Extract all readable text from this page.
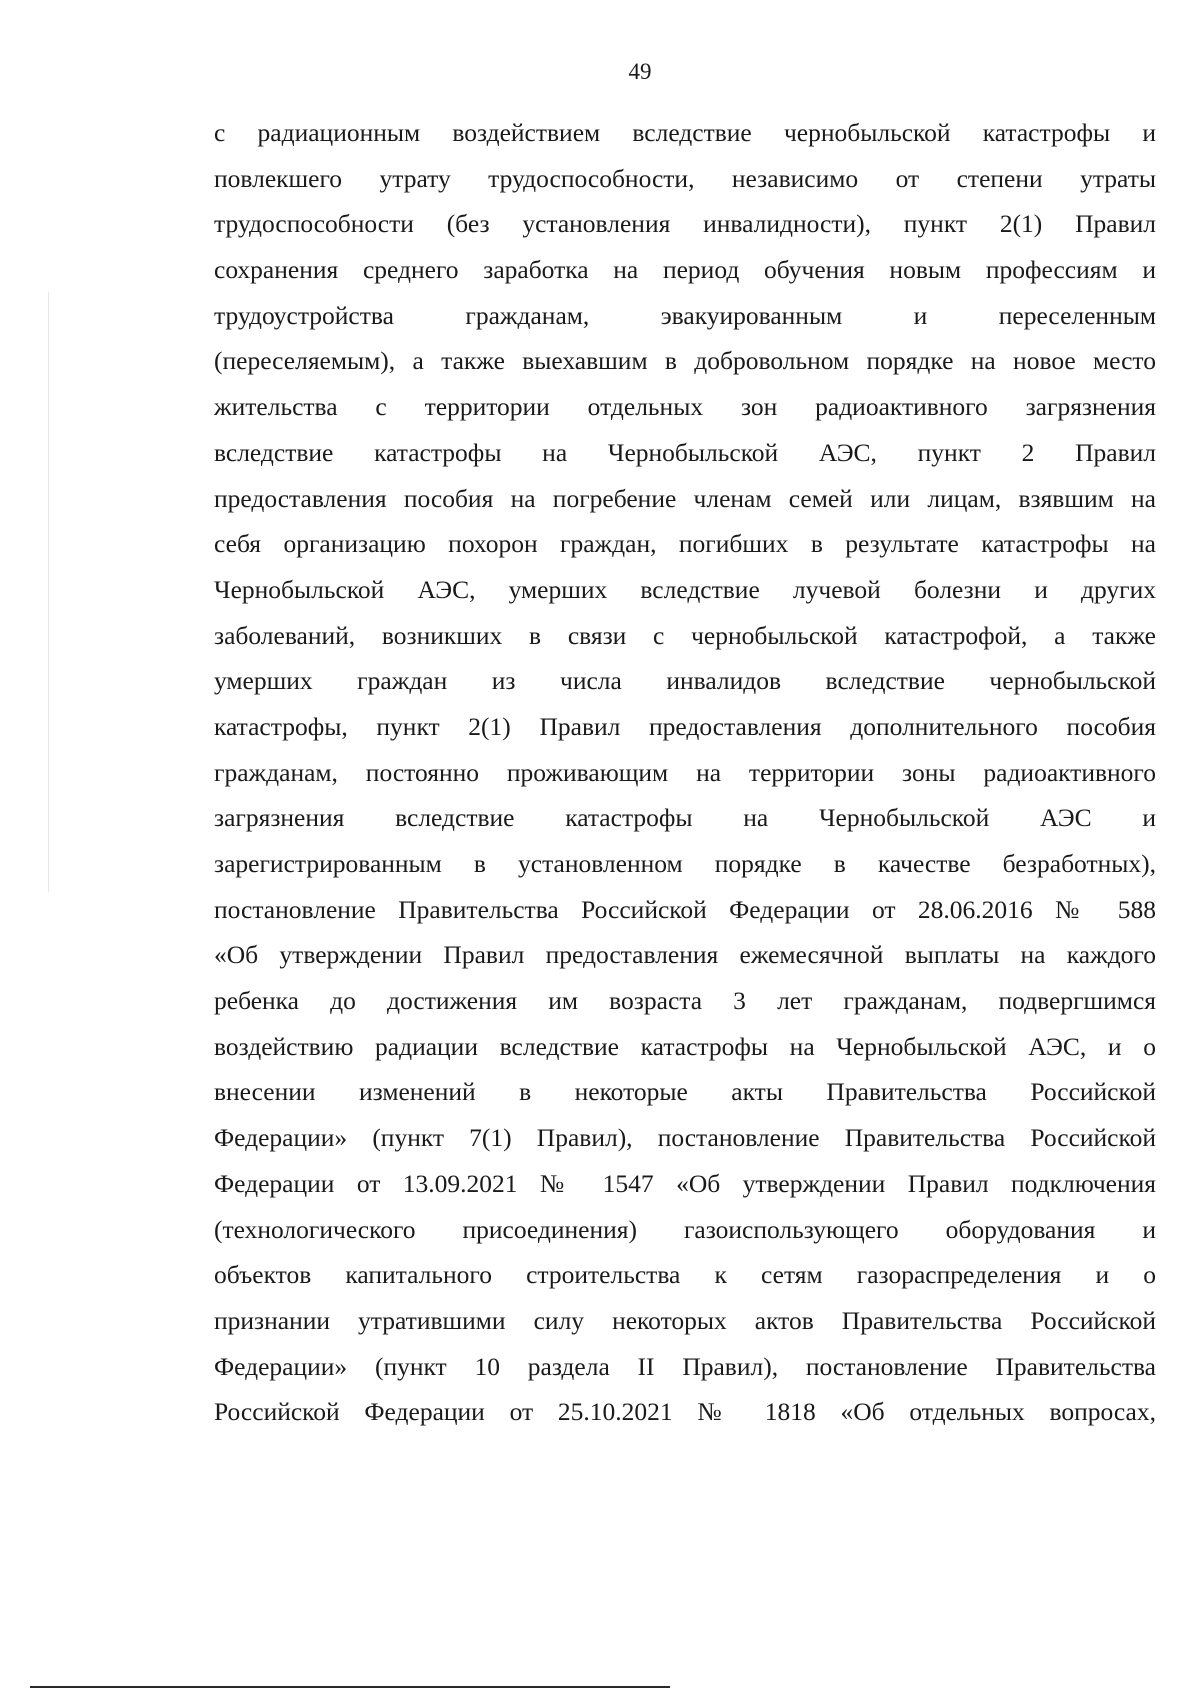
49
с радиационным воздействием вследствие чернобыльской катастрофы и
повлекшего утрату трудоспособности, независимо от степени утраты
трудоспособности (без установления инвалидности), пункт 2(1) Правил
сохранения среднего заработка на период обучения новым профессиям и
трудоустройства гражданам, эвакуированным и переселенным
(переселяемым), а также выехавшим в добровольном порядке на новое место
жительства с территории отдельных зон радиоактивного загрязнения
вследствие катастрофы на Чернобыльской АЭС, пункт 2 Правил
предоставления пособия на погребение членам семей или лицам, взявшим на
себя организацию похорон граждан, погибших в результате катастрофы на
Чернобыльской АЭС, умерших вследствие лучевой болезни и других
заболеваний, возникших в связи с чернобыльской катастрофой, а также
умерших граждан из числа инвалидов вследствие чернобыльской
катастрофы, пункт 2(1) Правил предоставления дополнительного пособия
гражданам, постоянно проживающим на территории зоны радиоактивного
загрязнения вследствие катастрофы на Чернобыльской АЭС и
зарегистрированным в установленном порядке в качестве безработных),
постановление Правительства Российской Федерации от 28.06.2016 № 588
«Об утверждении Правил предоставления ежемесячной выплаты на каждого
ребенка до достижения им возраста 3 лет гражданам, подвергшимся
воздействию радиации вследствие катастрофы на Чернобыльской АЭС, и о
внесении изменений в некоторые акты Правительства Российской
Федерации» (пункт 7(1) Правил), постановление Правительства Российской
Федерации от 13.09.2021 № 1547 «Об утверждении Правил подключения
(технологического присоединения) газоиспользующего оборудования и
объектов капитального строительства к сетям газораспределения и о
признании утратившими силу некоторых актов Правительства Российской
Федерации» (пункт 10 раздела II Правил), постановление Правительства
Российской Федерации от 25.10.2021 № 1818 «Об отдельных вопросах,
